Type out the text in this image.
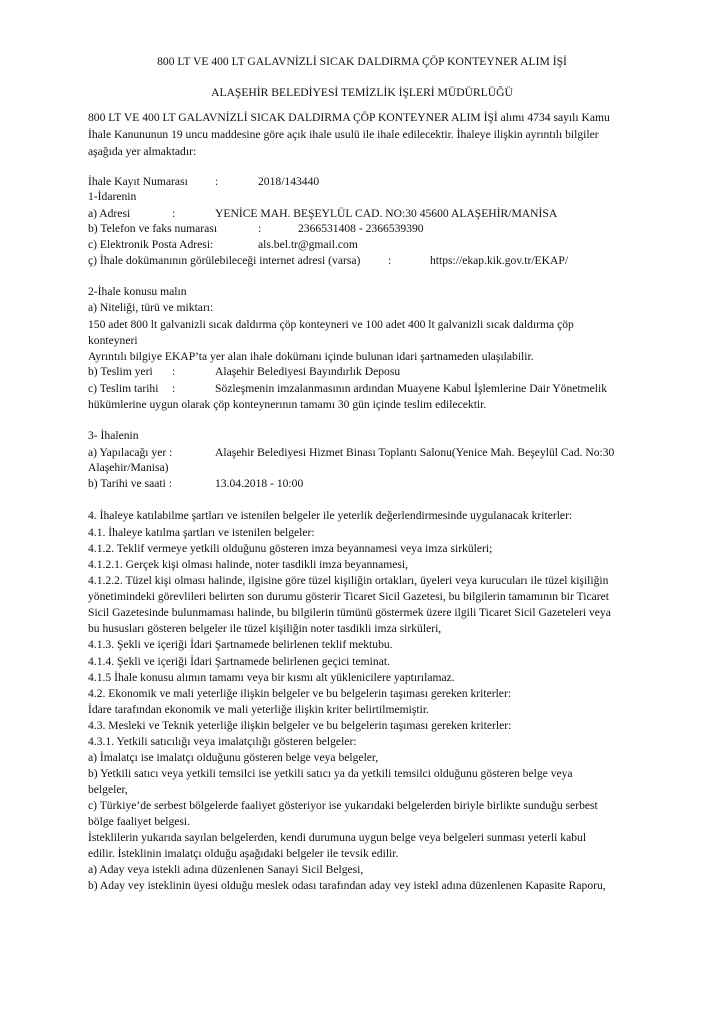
800 LT VE 400 LT GALAVNİZLİ SICAK DALDIRMA ÇÖP KONTEYNER ALIM İŞİ
ALAŞEHİR BELEDİYESİ TEMİZLİK İŞLERİ MÜDÜRLÜĞÜ
800 LT VE 400 LT GALAVNİZLİ SICAK DALDIRMA ÇÖP KONTEYNER ALIM İŞİ alımı 4734 sayılı Kamu
İhale Kanununun 19 uncu maddesine göre açık ihale usulü ile ihale edilecektir. İhaleye ilişkin ayrıntılı bilgiler
aşağıda yer almaktadır:
İhale Kayıt Numarası :	2018/143440
1-İdarenin
a) Adresi	:	YENİCE MAH. BEŞEYLÜL CAD. NO:30 45600 ALAŞEHİR/MANİSA
b) Telefon ve faks numarası	:	2366531408 - 2366539390
c) Elektronik Posta Adresi:	als.bel.tr@gmail.com
ç) İhale dokümanının görülebileceği internet adresi (varsa) :	https://ekap.kik.gov.tr/EKAP/
2-İhale konusu malın
a) Niteliği, türü ve miktarı:
150 adet 800 lt galvanizli sıcak daldırma çöp konteyneri ve 100 adet 400 lt galvanizli sıcak daldırma çöp
konteyneri
Ayrıntılı bilgiye EKAP’ta yer alan ihale dokümanı içinde bulunan idari şartnameden ulaşılabilir.
b) Teslim yeri :	Alaşehir Belediyesi Bayındırlık Deposu
c) Teslim tarihi :	Sözleşmenin imzalanmasının ardından Muayene Kabul İşlemlerine Dair Yönetmelik
hükümlerine uygun olarak çöp konteynerının tamamı 30 gün içinde teslim edilecektir.
3- İhalenin
a) Yapılacağı yer :	Alaşehir Belediyesi Hizmet Binası Toplantı Salonu(Yenice Mah. Beşeylül Cad. No:30
Alaşehir/Manisa)
b) Tarihi ve saati :	13.04.2018 - 10:00
4. İhaleye katılabilme şartları ve istenilen belgeler ile yeterlik değerlendirmesinde uygulanacak kriterler:
4.1. İhaleye katılma şartları ve istenilen belgeler:
4.1.2. Teklif vermeye yetkili olduğunu gösteren imza beyannamesi veya imza sirküleri;
4.1.2.1. Gerçek kişi olması halinde, noter tasdikli imza beyannamesi,
4.1.2.2. Tüzel kişi olması halinde, ilgisine göre tüzel kişiliğin ortakları, üyeleri veya kurucuları ile tüzel kişiliğin
yönetimindeki görevlileri belirten son durumu gösterir Ticaret Sicil Gazetesi, bu bilgilerin tamamının bir Ticaret
Sicil Gazetesinde bulunmaması halinde, bu bilgilerin tümünü göstermek üzere ilgili Ticaret Sicil Gazeteleri veya
bu hususları gösteren belgeler ile tüzel kişiliğin noter tasdikli imza sirküleri,
4.1.3. Şekli ve içeriği İdari Şartnamede belirlenen teklif mektubu.
4.1.4. Şekli ve içeriği İdari Şartnamede belirlenen geçici teminat.
4.1.5 İhale konusu alımın tamamı veya bir kısmı alt yüklenicilere yaptırılamaz.
4.2. Ekonomik ve mali yeterliğe ilişkin belgeler ve bu belgelerin taşıması gereken kriterler:
İdare tarafından ekonomik ve mali yeterliğe ilişkin kriter belirtilmemiştir.
4.3. Mesleki ve Teknik yeterliğe ilişkin belgeler ve bu belgelerin taşıması gereken kriterler:
4.3.1. Yetkili satıcılığı veya imalatçılığı gösteren belgeler:
a) İmalatçı ise imalatçı olduğunu gösteren belge veya belgeler,
b) Yetkili satıcı veya yetkili temsilci ise yetkili satıcı ya da yetkili temsilci olduğunu gösteren belge veya
belgeler,
c) Türkiye’de serbest bölgelerde faaliyet gösteriyor ise yukarıdaki belgelerden biriyle birlikte sunduğu serbest
bölge faaliyet belgesi.
İsteklilerin yukarıda sayılan belgelerden, kendi durumuna uygun belge veya belgeleri sunması yeterli kabul
edilir. İsteklinin imalatçı olduğu aşağıdaki belgeler ile tevsik edilir.
a) Aday veya istekli adına düzenlenen Sanayi Sicil Belgesi,
b) Aday vey isteklinin üyesi olduğu meslek odası tarafından aday vey istekl adına düzenlenen Kapasite Raporu,
